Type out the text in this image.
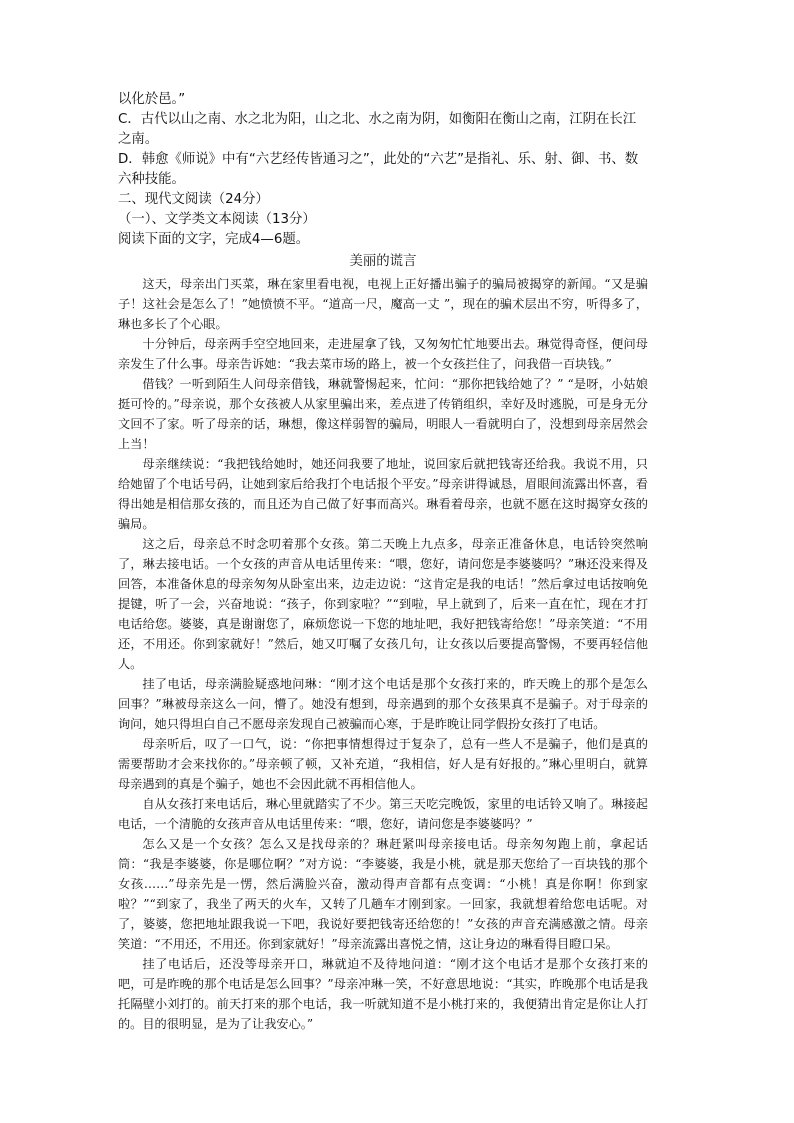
以化於邑。”

C．古代以山之南、水之北为阳，山之北、水之南为阴，如衡阳在衡山之南，江阴在长江之南。

D．韩愈《师说》中有“六艺经传皆通习之”，此处的“六艺”是指礼、乐、射、御、书、数六种技能。

二、现代文阅读（24分）

（一）、文学类文本阅读（13分）

阅读下面的文字，完成4—6题。

美丽的谎言

这天，母亲出门买菜，琳在家里看电视，电视上正好播出骗子的骗局被揭穿的新闻。“又是骗子！这社会是怎么了！”她愤愤不平。“道高一尺，魔高一丈 ”，现在的骗术层出不穷，听得多了，琳也多长了个心眼。

十分钟后，母亲两手空空地回来，走进屋拿了钱，又匆匆忙忙地要出去。琳觉得奇怪，便问母亲发生了什么事。母亲告诉她：“我去菜市场的路上，被一个女孩拦住了，问我借一百块钱。”

借钱？一听到陌生人问母亲借钱，琳就警惕起来，忙问：“那你把钱给她了？” “是呀，小姑娘挺可怜的。”母亲说，那个女孩被人从家里骗出来，差点进了传销组织，幸好及时逃脱，可是身无分文回不了家。听了母亲的话，琳想，像这样弱智的骗局，明眼人一看就明白了，没想到母亲居然会上当！

母亲继续说：“我把钱给她时，她还问我要了地址，说回家后就把钱寄还给我。我说不用，只给她留了个电话号码，让她到家后给我打个电话报个平安。”母亲讲得诚恳，眉眼间流露出怀喜，看得出她是相信那女孩的，而且还为自己做了好事而高兴。琳看着母亲，也就不愿在这时揭穿女孩的骗局。

这之后，母亲总不时念叨着那个女孩。第二天晚上九点多，母亲正准备休息，电话铃突然响了，琳去接电话。一个女孩的声音从电话里传来：“喂，您好，请问您是李婆婆吗？”琳还没来得及回答，本准备休息的母亲匆匆从卧室出来，边走边说：“这肯定是我的电话！”然后拿过电话按响免提键，听了一会，兴奋地说：“孩子，你到家啦？”“到啦，早上就到了，后来一直在忙，现在才打电话给您。婆婆，真是谢谢您了，麻烦您说一下您的地址吧，我好把钱寄给您！”母亲笑道：“不用还，不用还。你到家就好！”然后，她又叮嘱了女孩几句，让女孩以后要提高警惕，不要再轻信他人。

挂了电话，母亲满脸疑惑地问琳：“刚才这个电话是那个女孩打来的，昨天晚上的那个是怎么回事？”琳被母亲这么一问，懵了。她没有想到，母亲遇到的那个女孩果真不是骗子。对于母亲的询问，她只得坦白自己不愿母亲发现自己被骗而心寒，于是昨晚让同学假扮女孩打了电话。

母亲听后，叹了一口气，说：“你把事情想得过于复杂了，总有一些人不是骗子，他们是真的需要帮助才会来找你的。”母亲顿了顿，又补充道，“我相信，好人是有好报的。”琳心里明白，就算母亲遇到的真是个骗子，她也不会因此就不再相信他人。

自从女孩打来电话后，琳心里就踏实了不少。第三天吃完晚饭，家里的电话铃又响了。琳接起电话，一个清脆的女孩声音从电话里传来：“喂，您好，请问您是李婆婆吗？”

怎么又是一个女孩？怎么又是找母亲的？琳赶紧叫母亲接电话。母亲匆匆跑上前，拿起话筒：“我是李婆婆，你是哪位啊？”对方说：“李婆婆，我是小桃，就是那天您给了一百块钱的那个女孩……”母亲先是一愣，然后满脸兴奋，激动得声音都有点变调：“小桃！真是你啊！你到家啦？”“到家了，我坐了两天的火车，又转了几趟车才刚到家。一回家，我就想着给您电话呢。对了，婆婆，您把地址跟我说一下吧，我说好要把钱寄还给您的！”女孩的声音充满感激之情。母亲笑道：“不用还，不用还。你到家就好！”母亲流露出喜悦之情，这让身边的琳看得目瞪口呆。

挂了电话后，还没等母亲开口，琳就迫不及待地问道：“刚才这个电话才是那个女孩打来的吧，可是昨晚的那个电话是怎么回事？”母亲冲琳一笑，不好意思地说：“其实，昨晚那个电话是我托隔壁小刘打的。前天打来的那个电话，我一听就知道不是小桃打来的，我便猜出肯定是你让人打的。目的很明显，是为了让我安心。”
